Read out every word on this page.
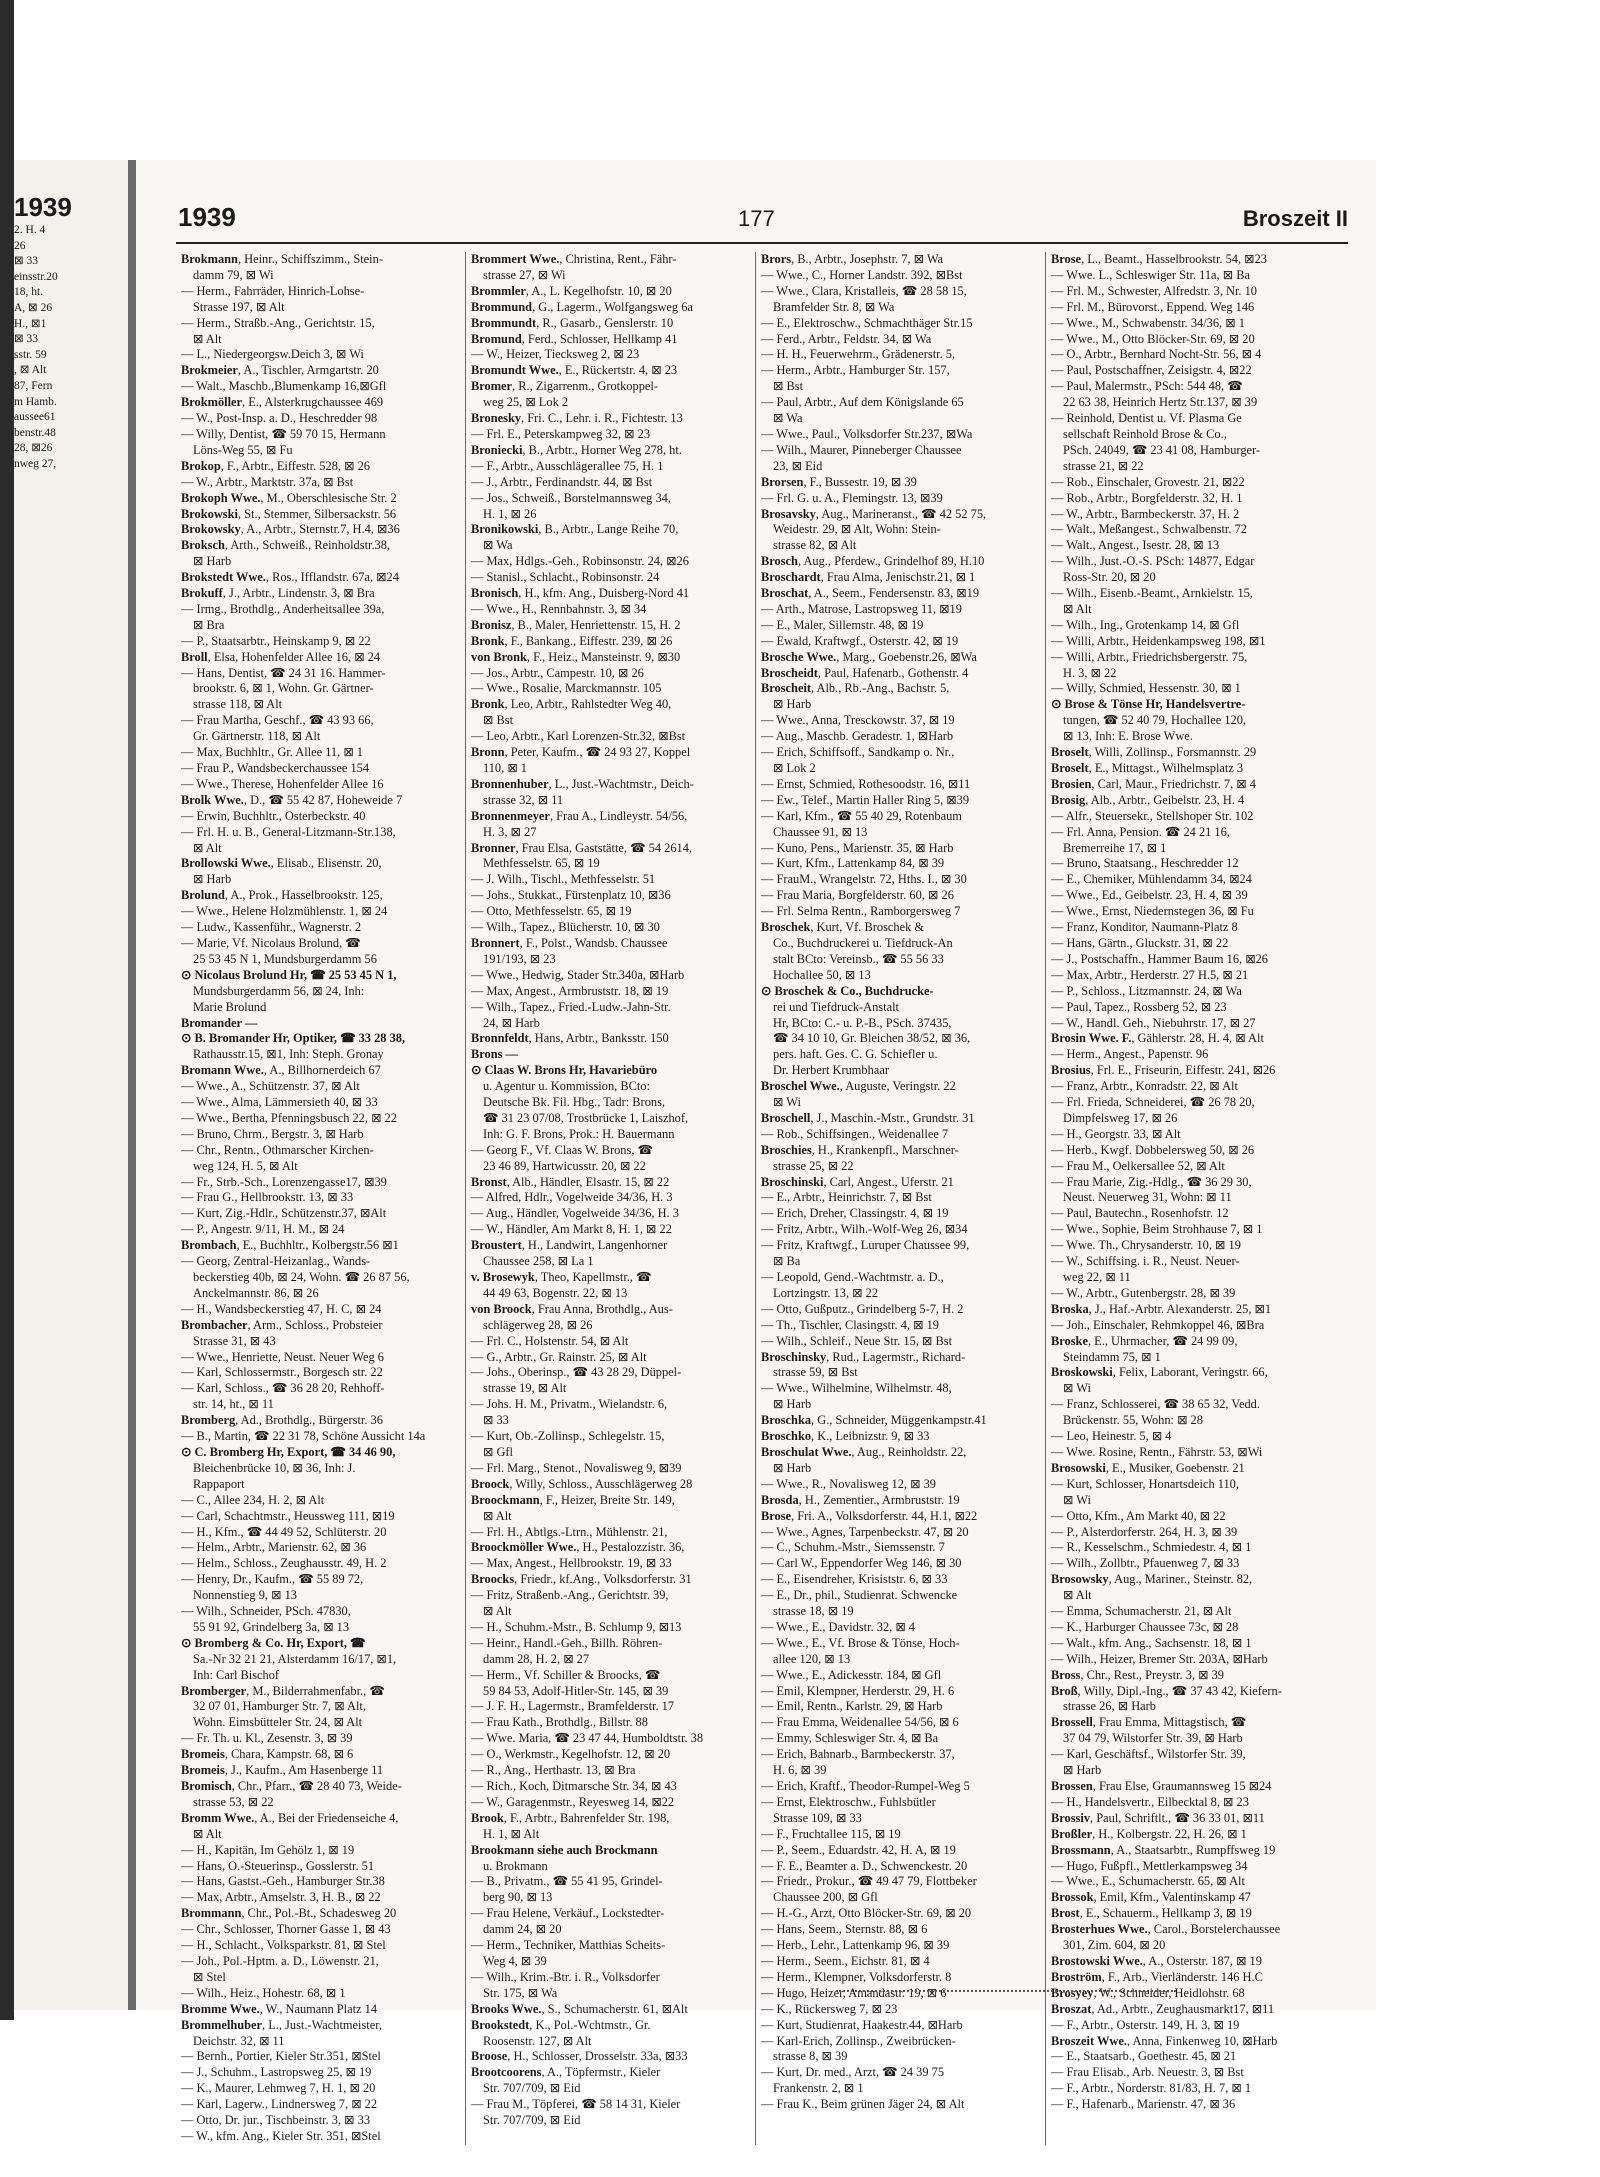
1939
2. H. 4
26
⊠ 33
einsstr.20
18, ht.
A, ⊠ 26
H., ⊠1
⊠ 33
sstr. 59
, ⊠ Alt
87, Fern
m Hamb.
aussee61
benstr.48
28, ⊠26
nweg 27,
1939	177	Broszeit II
Brokmann, Heinr., Schiffszimm., Stein-
damm 79, ⊠ Wi
— Herm., Fahrräder, Hinrich-Lohse-
Strasse 197, ⊠ Alt
— Herm., Straßb.-Ang., Gerichtstr. 15,
⊠ Alt
— L., Niedergeorgsw.Deich 3, ⊠ Wi
Brokmeier, A., Tischler, Armgartstr. 20
— Walt., Maschb.,Blumenkamp 16,⊠Gfl
Brokmöller, E., Alsterkrugchaussee 469
— W., Post-Insp. a. D., Heschredder 98
— Willy, Dentist, ☎ 59 70 15, Hermann
Löns-Weg 55, ⊠ Fu
Brokop, F., Arbtr., Eiffestr. 528, ⊠ 26
— W., Arbtr., Marktstr. 37a, ⊠ Bst
Brokoph Wwe., M., Oberschlesische Str. 2
Brokowski, St., Stemmer, Silbersackstr. 56
Brokowsky, A., Arbtr., Sternstr.7, H.4, ⊠36
Broksch, Arth., Schweiß., Reinholdstr.38,
⊠ Harb
Brokstedt Wwe., Ros., Ifflandstr. 67a, ⊠24
Brokuff, J., Arbtr., Lindenstr. 3, ⊠ Bra
— Irmg., Brothdlg., Anderheitsallee 39a,
⊠ Bra
— P., Staatsarbtr., Heinskamp 9, ⊠ 22
Broll, Elsa, Hohenfelder Allee 16, ⊠ 24
— Hans, Dentist, ☎ 24 31 16. Hammer-
brookstr. 6, ⊠ 1, Wohn. Gr. Gärtner-
strasse 118, ⊠ Alt
— Frau Martha, Geschf., ☎ 43 93 66,
Gr. Gärtnerstr. 118, ⊠ Alt
— Max, Buchhltr., Gr. Allee 11, ⊠ 1
— Frau P., Wandsbeckerchaussee 154
— Wwe., Therese, Hohenfelder Allee 16
Brolk Wwe., D., ☎ 55 42 87, Hoheweide 7
— Erwin, Buchhltr., Osterbeckstr. 40
— Frl. H. u. B., General-Litzmann-Str.138,
⊠ Alt
Brollowski Wwe., Elisab., Elisenstr. 20,
⊠ Harb
Brolund, A., Prok., Hasselbrookstr. 125,
— Wwe., Helene Holzmühlenstr. 1, ⊠ 24
— Ludw., Kassenführ., Wagnerstr. 2
— Marie, Vf. Nicolaus Brolund, ☎
25 53 45 N 1, Mundsburgerdamm 56
⊙ Nicolaus Brolund Hr, ☎ 25 53 45 N 1,
Mundsburgerdamm 56, ⊠ 24, Inh:
Marie Brolund
Bromander —
⊙ B. Bromander Hr, Optiker, ☎ 33 28 38,
Rathausstr.15, ⊠1, Inh: Steph. Gronay
Bromann Wwe., A., Billhornerdeich 67
— Wwe., A., Schützenstr. 37, ⊠ Alt
— Wwe., Alma, Lämmersieth 40, ⊠ 33
— Wwe., Bertha, Pfenningsbusch 22, ⊠ 22
— Bruno, Chrm., Bergstr. 3, ⊠ Harb
— Chr., Rentn., Othmarscher Kirchen-
weg 124, H. 5, ⊠ Alt
— Fr., Strb.-Sch., Lorenzengasse17, ⊠39
— Frau G., Hellbrookstr. 13, ⊠ 33
— Kurt, Zig.-Hdlr., Schützenstr.37, ⊠Alt
— P., Angestr. 9/11, H. M., ⊠ 24
Brombach, E., Buchhltr., Kolbergstr.56 ⊠1
— Georg, Zentral-Heizanlag., Wands-
beckerstieg 40b, ⊠ 24, Wohn. ☎ 26 87 56,
Anckelmannstr. 86, ⊠ 26
— H., Wandsbeckerstieg 47, H. C, ⊠ 24
Brombacher, Arm., Schloss., Probsteier
Strasse 31, ⊠ 43
— Wwe., Henriette, Neust. Neuer Weg 6
— Karl, Schlossermstr., Borgesch str. 22
— Karl, Schloss., ☎ 36 28 20, Rehhoff-
str. 14, ht., ⊠ 11
Bromberg, Ad., Brothdlg., Bürgerstr. 36
— B., Martin, ☎ 22 31 78, Schöne Aussicht 14a
⊙ C. Bromberg Hr, Export, ☎ 34 46 90,
Bleichenbrücke 10, ⊠ 36, Inh: J.
Rappaport
— C., Allee 234, H. 2, ⊠ Alt
— Carl, Schachtmstr., Heussweg 111, ⊠19
— H., Kfm., ☎ 44 49 52, Schlüterstr. 20
— Helm., Arbtr., Marienstr. 62, ⊠ 36
— Helm., Schloss., Zeughausstr. 49, H. 2
— Henry, Dr., Kaufm., ☎ 55 89 72,
Nonnenstieg 9, ⊠ 13
— Wilh., Schneider, PSch. 47830,
55 91 92, Grindelberg 3a, ⊠ 13
⊙ Bromberg & Co. Hr, Export, ☎
Sa.-Nr 32 21 21, Alsterdamm 16/17, ⊠1,
Inh: Carl Bischof
Bromberger, M., Bilderrahmenfabr., ☎
32 07 01, Hamburger Str. 7, ⊠ Alt,
Wohn. Eimsbütteler Str. 24, ⊠ Alt
— Fr. Th. u. Kl., Zesenstr. 3, ⊠ 39
Bromeis, Chara, Kampstr. 68, ⊠ 6
Bromeis, J., Kaufm., Am Hasenberge 11
Bromisch, Chr., Pfarr., ☎ 28 40 73, Weide-
strasse 53, ⊠ 22
Bromm Wwe., A., Bei der Friedenseiche 4,
⊠ Alt
— H., Kapitän, Im Gehölz 1, ⊠ 19
— Hans, O.-Steuerinsp., Gosslerstr. 51
— Hans, Gastst.-Geh., Hamburger Str.38
— Max, Arbtr., Amselstr. 3, H. B., ⊠ 22
Brommann, Chr., Pol.-Bt., Schadesweg 20
— Chr., Schlosser, Thorner Gasse 1, ⊠ 43
— H., Schlacht., Volksparkstr. 81, ⊠ Stel
— Joh., Pol.-Hptm. a. D., Löwenstr. 21,
⊠ Stel
— Wilh., Heiz., Hohestr. 68, ⊠ 1
Bromme Wwe., W., Naumann Platz 14
Brommelhuber, L., Just.-Wachtmeister,
Deichstr. 32, ⊠ 11
— Bernh., Portier, Kieler Str.351, ⊠Stel
— J., Schuhm., Lastropsweg 25, ⊠ 19
— K., Maurer, Lehmweg 7, H. 1, ⊠ 20
— Karl, Lagerw., Lindnersweg 7, ⊠ 22
— Otto, Dr. jur., Tischbeinstr. 3, ⊠ 33
— W., kfm. Ang., Kieler Str. 351, ⊠Stel
Brommert Wwe., Christina, Rent., Fähr-
strasse 27, ⊠ Wi
Brommler, A., L. Kegelhofstr. 10, ⊠ 20
Brommund, G., Lagerm., Wolfgangsweg 6a
Brommundt, R., Gasarb., Genslerstr. 10
Bromund, Ferd., Schlosser, Hellkamp 41
— W., Heizer, Tiecksweg 2, ⊠ 23
Bromundt Wwe., E., Rückertstr. 4, ⊠ 23
Bromer, R., Zigarrenm., Grotkoppel-
weg 25, ⊠ Lok 2
Bronesky, Fri. C., Lehr. i. R., Fichtestr. 13
— Frl. E., Peterskampweg 32, ⊠ 23
Broniecki, B., Arbtr., Horner Weg 278, ht.
— F., Arbtr., Ausschlägerallee 75, H. 1
— J., Arbtr., Ferdinandstr. 44, ⊠ Bst
— Jos., Schweiß., Borstelmannsweg 34,
H. 1, ⊠ 26
Bronikowski, B., Arbtr., Lange Reihe 70,
⊠ Wa
— Max, Hdlgs.-Geh., Robinsonstr. 24, ⊠26
— Stanisl., Schlacht., Robinsonstr. 24
Bronisch, H., kfm. Ang., Duisberg-Nord 41
— Wwe., H., Rennbahnstr. 3, ⊠ 34
Bronisz, B., Maler, Henriettenstr. 15, H. 2
Bronk, F., Bankang., Eiffestr. 239, ⊠ 26
von Bronk, F., Heiz., Mansteinstr. 9, ⊠30
— Jos., Arbtr., Campestr. 10, ⊠ 26
— Wwe., Rosalie, Marckmannstr. 105
Bronk, Leo, Arbtr., Rahlstedter Weg 40,
⊠ Bst
— Leo, Arbtr., Karl Lorenzen-Str.32, ⊠Bst
Bronn, Peter, Kaufm., ☎ 24 93 27, Koppel
110, ⊠ 1
Bronnenhuber, L., Just.-Wachtmstr., Deich-
strasse 32, ⊠ 11
Bronnenmeyer, Frau A., Lindleystr. 54/56,
H. 3, ⊠ 27
Bronner, Frau Elsa, Gaststätte, ☎ 54 2614,
Methfesselstr. 65, ⊠ 19
— J. Wilh., Tischl., Methfesselstr. 51
— Johs., Stukkat., Fürstenplatz 10, ⊠36
— Otto, Methfesselstr. 65, ⊠ 19
— Wilh., Tapez., Blücherstr. 10, ⊠ 30
Bronnert, F., Polst., Wandsb. Chaussee
191/193, ⊠ 23
— Wwe., Hedwig, Stader Str.340a, ⊠Harb
— Max, Angest., Armbruststr. 18, ⊠ 19
— Wilh., Tapez., Fried.-Ludw.-Jahn-Str.
24, ⊠ Harb
Bronnfeldt, Hans, Arbtr., Banksstr. 150
Brons —
⊙ Claas W. Brons Hr, Havariebüro
u. Agentur u. Kommission, BCto:
Deutsche Bk. Fil. Hbg., Tadr: Brons,
☎ 31 23 07/08, Trostbrücke 1, Laiszhof,
Inh: G. F. Brons, Prok.: H. Bauermann
— Georg F., Vf. Claas W. Brons, ☎
23 46 89, Hartwicusstr. 20, ⊠ 22
Bronst, Alb., Händler, Elsastr. 15, ⊠ 22
— Alfred, Hdlr., Vogelweide 34/36, H. 3
— Aug., Händler, Vogelweide 34/36, H. 3
— W., Händler, Am Markt 8, H. 1, ⊠ 22
Broustert, H., Landwirt, Langenhorner
Chaussee 258, ⊠ La 1
v. Brosewyk, Theo, Kapellmstr., ☎
44 49 63, Bogenstr. 22, ⊠ 13
von Broock, Frau Anna, Brothdlg., Aus-
schlägerweg 28, ⊠ 26
— Frl. C., Holstenstr. 54, ⊠ Alt
— G., Arbtr., Gr. Rainstr. 25, ⊠ Alt
— Johs., Oberinsp., ☎ 43 28 29, Düppel-
strasse 19, ⊠ Alt
— Johs. H. M., Privatm., Wielandstr. 6,
⊠ 33
— Kurt, Ob.-Zollinsp., Schlegelstr. 15,
⊠ Gfl
— Frl. Marg., Stenot., Novalisweg 9, ⊠39
Broock, Willy, Schloss., Ausschlägerweg 28
Broockmann, F., Heizer, Breite Str. 149,
⊠ Alt
— Frl. H., Abtlgs.-Ltrn., Mühlenstr. 21,
Broockmöller Wwe., H., Pestalozzistr. 36,
— Max, Angest., Hellbrookstr. 19, ⊠ 33
Broocks, Friedr., kf.Ang., Volksdorferstr. 31
— Fritz, Straßenb.-Ang., Gerichtstr. 39,
⊠ Alt
— H., Schuhm.-Mstr., B. Schlump 9, ⊠13
— Heinr., Handl.-Geh., Billh. Röhren-
damm 28, H. 2, ⊠ 27
— Herm., Vf. Schiller & Broocks, ☎
59 84 53, Adolf-Hitler-Str. 145, ⊠ 39
— J. F. H., Lagermstr., Bramfelderstr. 17
— Frau Kath., Brothdlg., Billstr. 88
— Wwe. Maria, ☎ 23 47 44, Humboldtstr. 38
— O., Werkmstr., Kegelhofstr. 12, ⊠ 20
— R., Ang., Herthastr. 13, ⊠ Bra
— Rich., Koch, Ditmarsche Str. 34, ⊠ 43
— W., Garagenmstr., Reyesweg 14, ⊠22
Brook, F., Arbtr., Bahrenfelder Str. 198,
H. 1, ⊠ Alt
Brookmann siehe auch Brockmann
u. Brokmann
— B., Privatm., ☎ 55 41 95, Grindel-
berg 90, ⊠ 13
— Frau Helene, Verkäuf., Lockstedter-
damm 24, ⊠ 20
— Herm., Techniker, Matthias Scheits-
Weg 4, ⊠ 39
— Wilh., Krim.-Btr. i. R., Volksdorfer
Str. 175, ⊠ Wa
Brooks Wwe., S., Schumacherstr. 61, ⊠Alt
Brookstedt, K., Pol.-Wchtmstr., Gr.
Roosenstr. 127, ⊠ Alt
Broose, H., Schlosser, Drosselstr. 33a, ⊠33
Brootcoorens, A., Töpfermstr., Kieler
Str. 707/709, ⊠ Eid
— Frau M., Töpferei, ☎ 58 14 31, Kieler
Str. 707/709, ⊠ Eid
Brors, B., Arbtr., Josephstr. 7, ⊠ Wa
— Wwe., C., Horner Landstr. 392, ⊠Bst
— Wwe., Clara, Kristalleis, ☎ 28 58 15,
Bramfelder Str. 8, ⊠ Wa
— E., Elektroschw., Schmachthäger Str.15
— Ferd., Arbtr., Feldstr. 34, ⊠ Wa
— H. H., Feuerwehrm., Grädenerstr. 5,
— Herm., Arbtr., Hamburger Str. 157,
⊠ Bst
— Paul, Arbtr., Auf dem Königslande 65
⊠ Wa
— Wwe., Paul., Volksdorfer Str.237, ⊠Wa
— Wilh., Maurer, Pinneberger Chaussee
23, ⊠ Eid
Brorsen, F., Bussestr. 19, ⊠ 39
— Frl. G. u. A., Flemingstr. 13, ⊠39
Brosavsky, Aug., Marineranst., ☎ 42 52 75,
Weidestr. 29, ⊠ Alt, Wohn: Stein-
strasse 82, ⊠ Alt
Brosch, Aug., Pferdew., Grindelhof 89, H.10
Broschardt, Frau Alma, Jenischstr.21, ⊠ 1
Broschat, A., Seem., Fendersenstr. 83, ⊠19
— Arth., Matrose, Lastropsweg 11, ⊠19
— E., Maler, Sillemstr. 48, ⊠ 19
— Ewald, Kraftwgf., Osterstr. 42, ⊠ 19
Brosche Wwe., Marg., Goebenstr.26, ⊠Wa
Broscheidt, Paul, Hafenarb., Gothenstr. 4
Broscheit, Alb., Rb.-Ang., Bachstr. 5,
⊠ Harb
— Wwe., Anna, Tresckowstr. 37, ⊠ 19
— Aug., Maschb. Geradestr. 1, ⊠Harb
— Erich, Schiffsoff., Sandkamp o. Nr.,
⊠ Lok 2
— Ernst, Schmied, Rothesoodstr. 16, ⊠11
— Ew., Telef., Martin Haller Ring 5, ⊠39
— Karl, Kfm., ☎ 55 40 29, Rotenbaum
Chaussee 91, ⊠ 13
— Kuno, Pens., Marienstr. 35, ⊠ Harb
— Kurt, Kfm., Lattenkamp 84, ⊠ 39
— FrauM., Wrangelstr. 72, Hths. I., ⊠ 30
— Frau Maria, Borgfelderstr. 60, ⊠ 26
— Frl. Selma Rentn., Ramborgersweg 7
Broschek, Kurt, Vf. Broschek &
Co., Buchdruckerei u. Tiefdruck-An
stalt BCto: Vereinsb., ☎ 55 56 33
Hochallee 50, ⊠ 13
⊙ Broschek & Co., Buchdrucke-
rei und Tiefdruck-Anstalt
Hr, BCto: C.- u. P.-B., PSch. 37435,
☎ 34 10 10, Gr. Bleichen 38/52, ⊠ 36,
pers. haft. Ges. C. G. Schiefler u.
Dr. Herbert Krumbhaar
Broschel Wwe., Auguste, Veringstr. 22
⊠ Wi
Broschell, J., Maschin.-Mstr., Grundstr. 31
— Rob., Schiffsingen., Weidenallee 7
Broschies, H., Krankenpfl., Marschner-
strasse 25, ⊠ 22
Broschinski, Carl, Angest., Uferstr. 21
— E., Arbtr., Heinrichstr. 7, ⊠ Bst
— Erich, Dreher, Classingstr. 4, ⊠ 19
— Fritz, Arbtr., Wilh.-Wolf-Weg 26, ⊠34
— Fritz, Kraftwgf., Luruper Chaussee 99,
⊠ Ba
— Leopold, Gend.-Wachtmstr. a. D.,
Lortzingstr. 13, ⊠ 22
— Otto, Gußputz., Grindelberg 5-7, H. 2
— Th., Tischler, Clasingstr. 4, ⊠ 19
— Wilh., Schleif., Neue Str. 15, ⊠ Bst
Broschinsky, Rud., Lagermstr., Richard-
strasse 59, ⊠ Bst
— Wwe., Wilhelmine, Wilhelmstr. 48,
⊠ Harb
Broschka, G., Schneider, Müggenkampstr.41
Broschko, K., Leibnizstr. 9, ⊠ 33
Broschulat Wwe., Aug., Reinholdstr. 22,
⊠ Harb
— Wwe., R., Novalisweg 12, ⊠ 39
Brosda, H., Zementier., Armbruststr. 19
Brose, Fri. A., Volksdorferstr. 44, H.1, ⊠22
— Wwe., Agnes, Tarpenbeckstr. 47, ⊠ 20
— C., Schuhm.-Mstr., Siemssenstr. 7
— Carl W., Eppendorfer Weg 146, ⊠ 30
— E., Eisendreher, Krisiststr. 6, ⊠ 33
— E., Dr., phil., Studienrat. Schwencke
strasse 18, ⊠ 19
— Wwe., E., Davidstr. 32, ⊠ 4
— Wwe., E., Vf. Brose & Tönse, Hoch-
allee 120, ⊠ 13
— Wwe., E., Adickesstr. 184, ⊠ Gfl
— Emil, Klempner, Herderstr. 29, H. 6
— Emil, Rentn., Karlstr. 29, ⊠ Harb
— Frau Emma, Weidenallee 54/56, ⊠ 6
— Emmy, Schleswiger Str. 4, ⊠ Ba
— Erich, Bahnarb., Barmbeckerstr. 37,
H. 6, ⊠ 39
— Erich, Kraftf., Theodor-Rumpel-Weg 5
— Ernst, Elektroschw., Fuhlsbütler
Strasse 109, ⊠ 33
— F., Fruchtallee 115, ⊠ 19
— P., Seem., Eduardstr. 42, H. A, ⊠ 19
— F. E., Beamter a. D., Schwenckestr. 20
— Friedr., Prokur., ☎ 49 47 79, Flottbeker
Chaussee 200, ⊠ Gfl
— H.-G., Arzt, Otto Blöcker-Str. 69, ⊠ 20
— Hans, Seem., Sternstr. 88, ⊠ 6
— Herb., Lehr., Lattenkamp 96, ⊠ 39
— Herm., Seem., Eichstr. 81, ⊠ 4
— Herm., Klempner, Volksdorferstr. 8
— Hugo, Heizer, Amandastr. 19, ⊠ 6
— K., Rückersweg 7, ⊠ 23
— Kurt, Studienrat, Haakestr.44, ⊠Harb
— Karl-Erich, Zollinsp., Zweibrücken-
strasse 8, ⊠ 39
— Kurt, Dr. med., Arzt, ☎ 24 39 75
Frankenstr. 2, ⊠ 1
— Frau K., Beim grünen Jäger 24, ⊠ Alt
Brose, L., Beamt., Hasselbrookstr. 54, ⊠23
— Wwe. L., Schleswiger Str. 11a, ⊠ Ba
— Frl. M., Schwester, Alfredstr. 3, Nr. 10
— Frl. M., Bürovorst., Eppend. Weg 146
— Wwe., M., Schwabenstr. 34/36, ⊠ 1
— Wwe., M., Otto Blöcker-Str. 69, ⊠ 20
— O., Arbtr., Bernhard Nocht-Str. 56, ⊠ 4
— Paul, Postschaffner, Zeisigstr. 4, ⊠22
— Paul, Malermstr., PSch: 544 48, ☎
22 63 38, Heinrich Hertz Str.137, ⊠ 39
— Reinhold, Dentist u. Vf. Plasma Ge
sellschaft Reinhold Brose & Co.,
PSch. 24049, ☎ 23 41 08, Hamburger-
strasse 21, ⊠ 22
— Rob., Einschaler, Grovestr. 21, ⊠22
— Rob., Arbtr., Borgfelderstr. 32, H. 1
— W., Arbtr., Barmbeckerstr. 37, H. 2
— Walt., Meßangest., Schwalbenstr. 72
— Walt., Angest., Isestr. 28, ⊠ 13
— Wilh., Just.-O.-S. PSch: 14877, Edgar
Ross-Str. 20, ⊠ 20
— Wilh., Eisenb.-Beamt., Arnkielstr. 15,
⊠ Alt
— Wilh., Ing., Grotenkamp 14, ⊠ Gfl
— Willi, Arbtr., Heidenkampsweg 198, ⊠1
— Willi, Arbtr., Friedrichsbergerstr. 75,
H. 3, ⊠ 22
— Willy, Schmied, Hessenstr. 30, ⊠ 1
⊙ Brose & Tönse Hr, Handelsvertre-
tungen, ☎ 52 40 79, Hochallee 120,
⊠ 13, Inh: E. Brose Wwe.
Broselt, Willi, Zollinsp., Forsmannstr. 29
Broselt, E., Mittagst., Wilhelmsplatz 3
Brosien, Carl, Maur., Friedrichstr. 7, ⊠ 4
Brosig, Alb., Arbtr., Geibelstr. 23, H. 4
— Alfr., Steuersekr., Stellshoper Str. 102
— Frl. Anna, Pension. ☎ 24 21 16,
Bremerreihe 17, ⊠ 1
— Bruno, Staatsang., Heschredder 12
— E., Chemiker, Mühlendamm 34, ⊠24
— Wwe., Ed., Geibelstr. 23, H. 4, ⊠ 39
— Wwe., Ernst, Niedernstegen 36, ⊠ Fu
— Franz, Konditor, Naumann-Platz 8
— Hans, Gärtn., Gluckstr. 31, ⊠ 22
— J., Postschaffn., Hammer Baum 16, ⊠26
— Max, Arbtr., Herderstr. 27 H.5, ⊠ 21
— P., Schloss., Litzmannstr. 24, ⊠ Wa
— Paul, Tapez., Rossberg 52, ⊠ 23
— W., Handl. Geh., Niebuhrstr. 17, ⊠ 27
Brosin Wwe. F., Gählerstr. 28, H. 4, ⊠ Alt
— Herm., Angest., Papenstr. 96
Brosius, Frl. E., Friseurin, Eiffestr. 241, ⊠26
— Franz, Arbtr., Konradstr. 22, ⊠ Alt
— Frl. Frieda, Schneiderei, ☎ 26 78 20,
Dimpfelsweg 17, ⊠ 26
— H., Georgstr. 33, ⊠ Alt
— Herb., Kwgf. Dobbelersweg 50, ⊠ 26
— Frau M., Oelkersallee 52, ⊠ Alt
— Frau Marie, Zig.-Hdlg., ☎ 36 29 30,
Neust. Neuerweg 31, Wohn: ⊠ 11
— Paul, Bautechn., Rosenhofstr. 12
— Wwe., Sophie, Beim Strohhause 7, ⊠ 1
— Wwe. Th., Chrysanderstr. 10, ⊠ 19
— W., Schiffsing. i. R., Neust. Neuer-
weg 22, ⊠ 11
— W., Arbtr., Gutenbergstr. 28, ⊠ 39
Broska, J., Haf.-Arbtr. Alexanderstr. 25, ⊠1
— Joh., Einschaler, Rehmkoppel 46, ⊠Bra
Broske, E., Uhrmacher, ☎ 24 99 09,
Steindamm 75, ⊠ 1
Broskowski, Felix, Laborant, Veringstr. 66,
⊠ Wi
— Franz, Schlosserei, ☎ 38 65 32, Vedd.
Brückenstr. 55, Wohn: ⊠ 28
— Leo, Heinestr. 5, ⊠ 4
— Wwe. Rosine, Rentn., Fährstr. 53, ⊠Wi
Brosowski, E., Musiker, Goebenstr. 21
— Kurt, Schlosser, Honartsdeich 110,
⊠ Wi
— Otto, Kfm., Am Markt 40, ⊠ 22
— P., Alsterdorferstr. 264, H. 3, ⊠ 39
— R., Kesselschm., Schmiedestr. 4, ⊠ 1
— Wilh., Zollbtr., Pfauenweg 7, ⊠ 33
Brosowsky, Aug., Mariner., Steinstr. 82,
⊠ Alt
— Emma, Schumacherstr. 21, ⊠ Alt
— K., Harburger Chaussee 73c, ⊠ 28
— Walt., kfm. Ang., Sachsenstr. 18, ⊠ 1
— Wilh., Heizer, Bremer Str. 203A, ⊠Harb
Bross, Chr., Rest., Preystr. 3, ⊠ 39
Broß, Willy, Dipl.-Ing., ☎ 37 43 42, Kiefern-
strasse 26, ⊠ Harb
Brossell, Frau Emma, Mittagstisch, ☎
37 04 79, Wilstorfer Str. 39, ⊠ Harb
— Karl, Geschäftsf., Wilstorfer Str. 39,
⊠ Harb
Brossen, Frau Else, Graumannsweg 15 ⊠24
— H., Handelsvertr., Eilbecktal 8, ⊠ 23
Brossiv, Paul, Schriftlt., ☎ 36 33 01, ⊠11
Broßler, H., Kolbergstr. 22, H. 26, ⊠ 1
Brossmann, A., Staatsarbtr., Rumpffsweg 19
— Hugo, Fußpfl., Mettlerkampsweg 34
— Wwe., E., Schumacherstr. 65, ⊠ Alt
Brossok, Emil, Kfm., Valentinskamp 47
Brost, E., Schauerm., Hellkamp 3, ⊠ 19
Brosterhues Wwe., Carol., Borstelerchaussee
301, Zim. 604, ⊠ 20
Brostowski Wwe., A., Osterstr. 187, ⊠ 19
Broström, F., Arb., Vierländerstr. 146 H.C
Brosyey, W., Schneider, Heidlohstr. 68
Broszat, Ad., Arbtr., Zeughausmarkt17, ⊠11
— F., Arbtr., Osterstr. 149, H. 3, ⊠ 19
Broszeit Wwe., Anna, Finkenweg 10, ⊠Harb
— E., Staatsarb., Goethestr. 45, ⊠ 21
— Frau Elisab., Arb. Neuestr. 3, ⊠ Bst
— F., Arbtr., Norderstr. 81/83, H. 7, ⊠ 1
— F., Hafenarb., Marienstr. 47, ⊠ 36
